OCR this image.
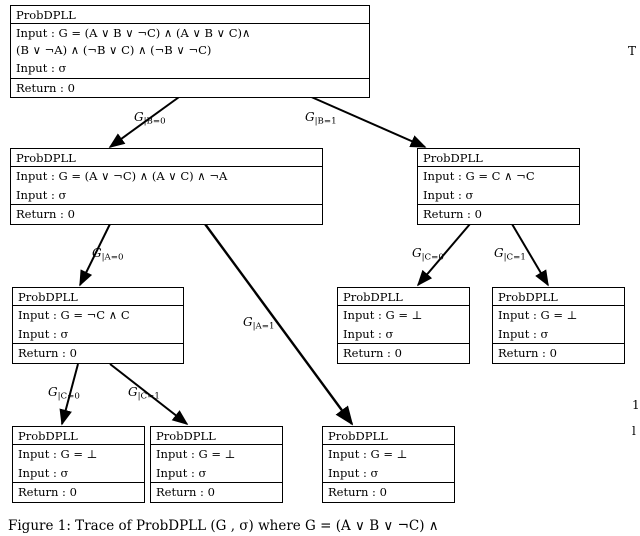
ProbDPLL
Input : G = (A ∨ B ∨ ¬C) ∧ (A ∨ B ∨ C)∧
(B ∨ ¬A) ∧ (¬B ∨ C) ∧ (¬B ∨ ¬C)
Input : σ
Return : 0
ProbDPLL
Input : G = (A ∨ ¬C) ∧ (A ∨ C) ∧ ¬A
Input : σ
Return : 0
ProbDPLL
Input : G = C ∧ ¬C
Input : σ
Return : 0
ProbDPLL
Input : G = ¬C ∧ C
Input : σ
Return : 0
ProbDPLL
Input : G = ⊥
Input : σ
Return : 0
ProbDPLL
Input : G = ⊥
Input : σ
Return : 0
ProbDPLL
Input : G = ⊥
Input : σ
Return : 0
ProbDPLL
Input : G = ⊥
Input : σ
Return : 0
ProbDPLL
Input : G = ⊥
Input : σ
Return : 0
$G_{|B=0}$	$G_{|B=1}$
$G_{|A=0}$
$G_{|A=1}$
$G_{|C=0}$	$G_{|C=1}$
$G_{|C=0}$	$G_{|C=1}$
T
1
l
Figure 1: Trace of ProbDPLL (G , σ) where G = (A ∨ B ∨ ¬C) ∧
